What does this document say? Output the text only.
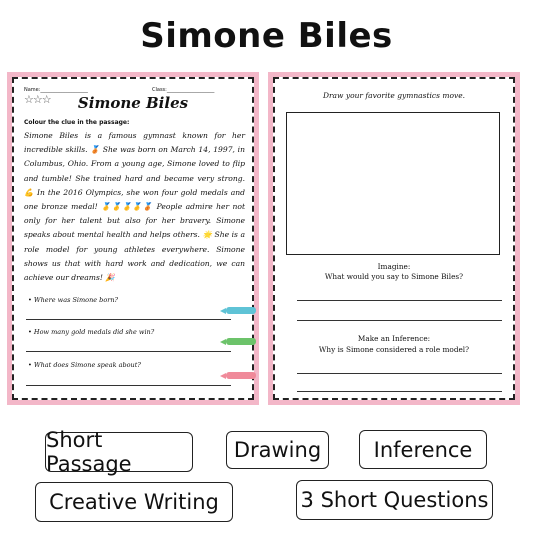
Simone Biles
Name:___________________	Class:___________________
☆☆☆	Simone Biles
Colour the clue in the passage:
Simone Biles is a famous gymnast known for her incredible skills. 🥉 She was born on March 14, 1997, in Columbus, Ohio. From a young age, Simone loved to flip and tumble! She trained hard and became very strong. 💪 In the 2016 Olympics, she won four gold medals and one bronze medal! 🥇🥇🥇🥇🥉 People admire her not only for her talent but also for her bravery. Simone speaks about mental health and helps others. 🌟 She is a role model for young athletes everywhere. Simone shows us that with hard work and dedication, we can achieve our dreams! 🎉
• Where was Simone born?
• How many gold medals did she win?
• What does Simone speak about?
Draw your favorite gymnastics move.
Imagine:
What would you say to Simone Biles?
Make an Inference:
Why is Simone considered a role model?
Short Passage
Drawing	Inference
Creative Writing	3 Short Questions
